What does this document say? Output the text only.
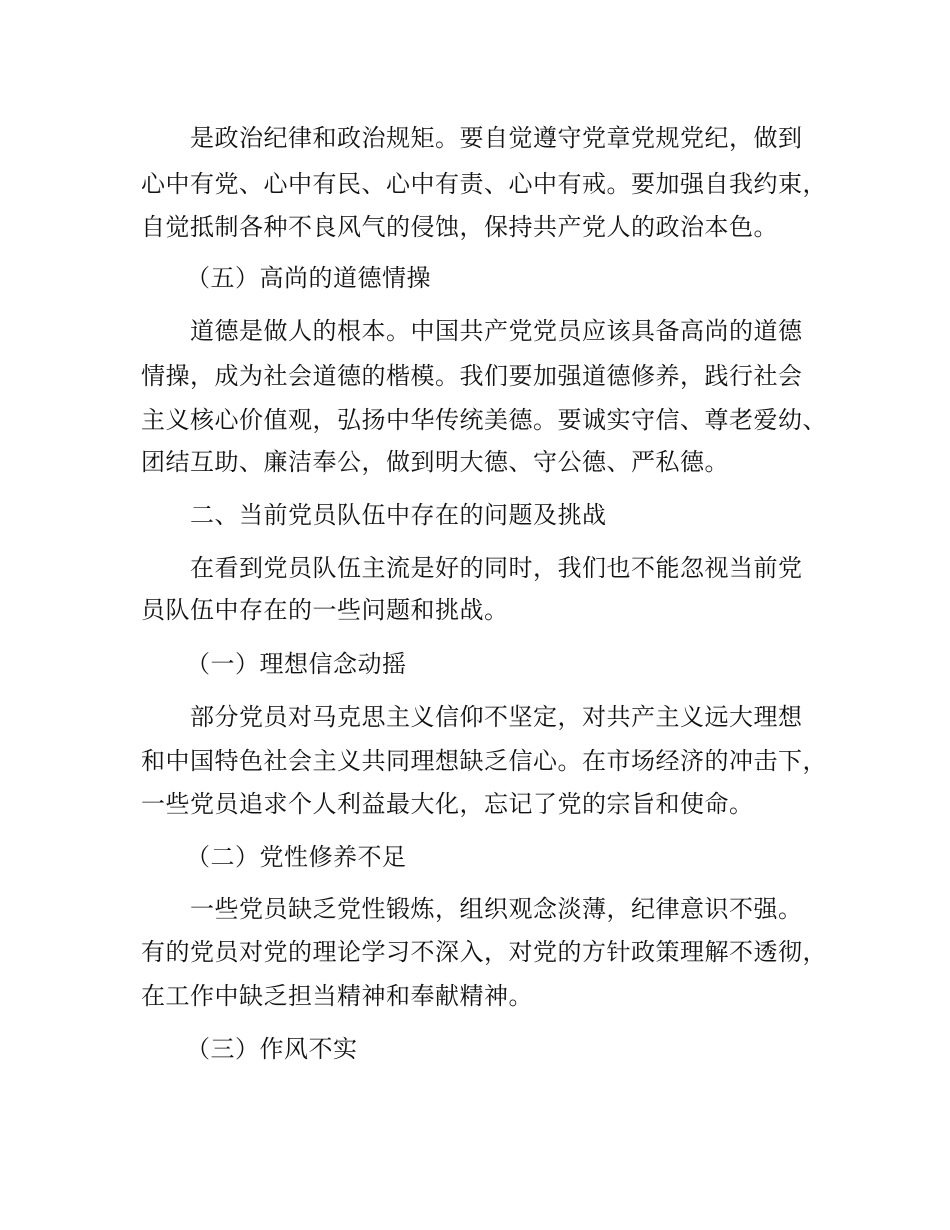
是政治纪律和政治规矩。要自觉遵守党章党规党纪，做到
心中有党、心中有民、心中有责、心中有戒。要加强自我约束，
自觉抵制各种不良风气的侵蚀，保持共产党人的政治本色。
（五）高尚的道德情操
道德是做人的根本。中国共产党党员应该具备高尚的道德
情操，成为社会道德的楷模。我们要加强道德修养，践行社会
主义核心价值观，弘扬中华传统美德。要诚实守信、尊老爱幼、
团结互助、廉洁奉公，做到明大德、守公德、严私德。
二、当前党员队伍中存在的问题及挑战
在看到党员队伍主流是好的同时，我们也不能忽视当前党
员队伍中存在的一些问题和挑战。
（一）理想信念动摇
部分党员对马克思主义信仰不坚定，对共产主义远大理想
和中国特色社会主义共同理想缺乏信心。在市场经济的冲击下，
一些党员追求个人利益最大化，忘记了党的宗旨和使命。
（二）党性修养不足
一些党员缺乏党性锻炼，组织观念淡薄，纪律意识不强。
有的党员对党的理论学习不深入，对党的方针政策理解不透彻，
在工作中缺乏担当精神和奉献精神。
（三）作风不实
